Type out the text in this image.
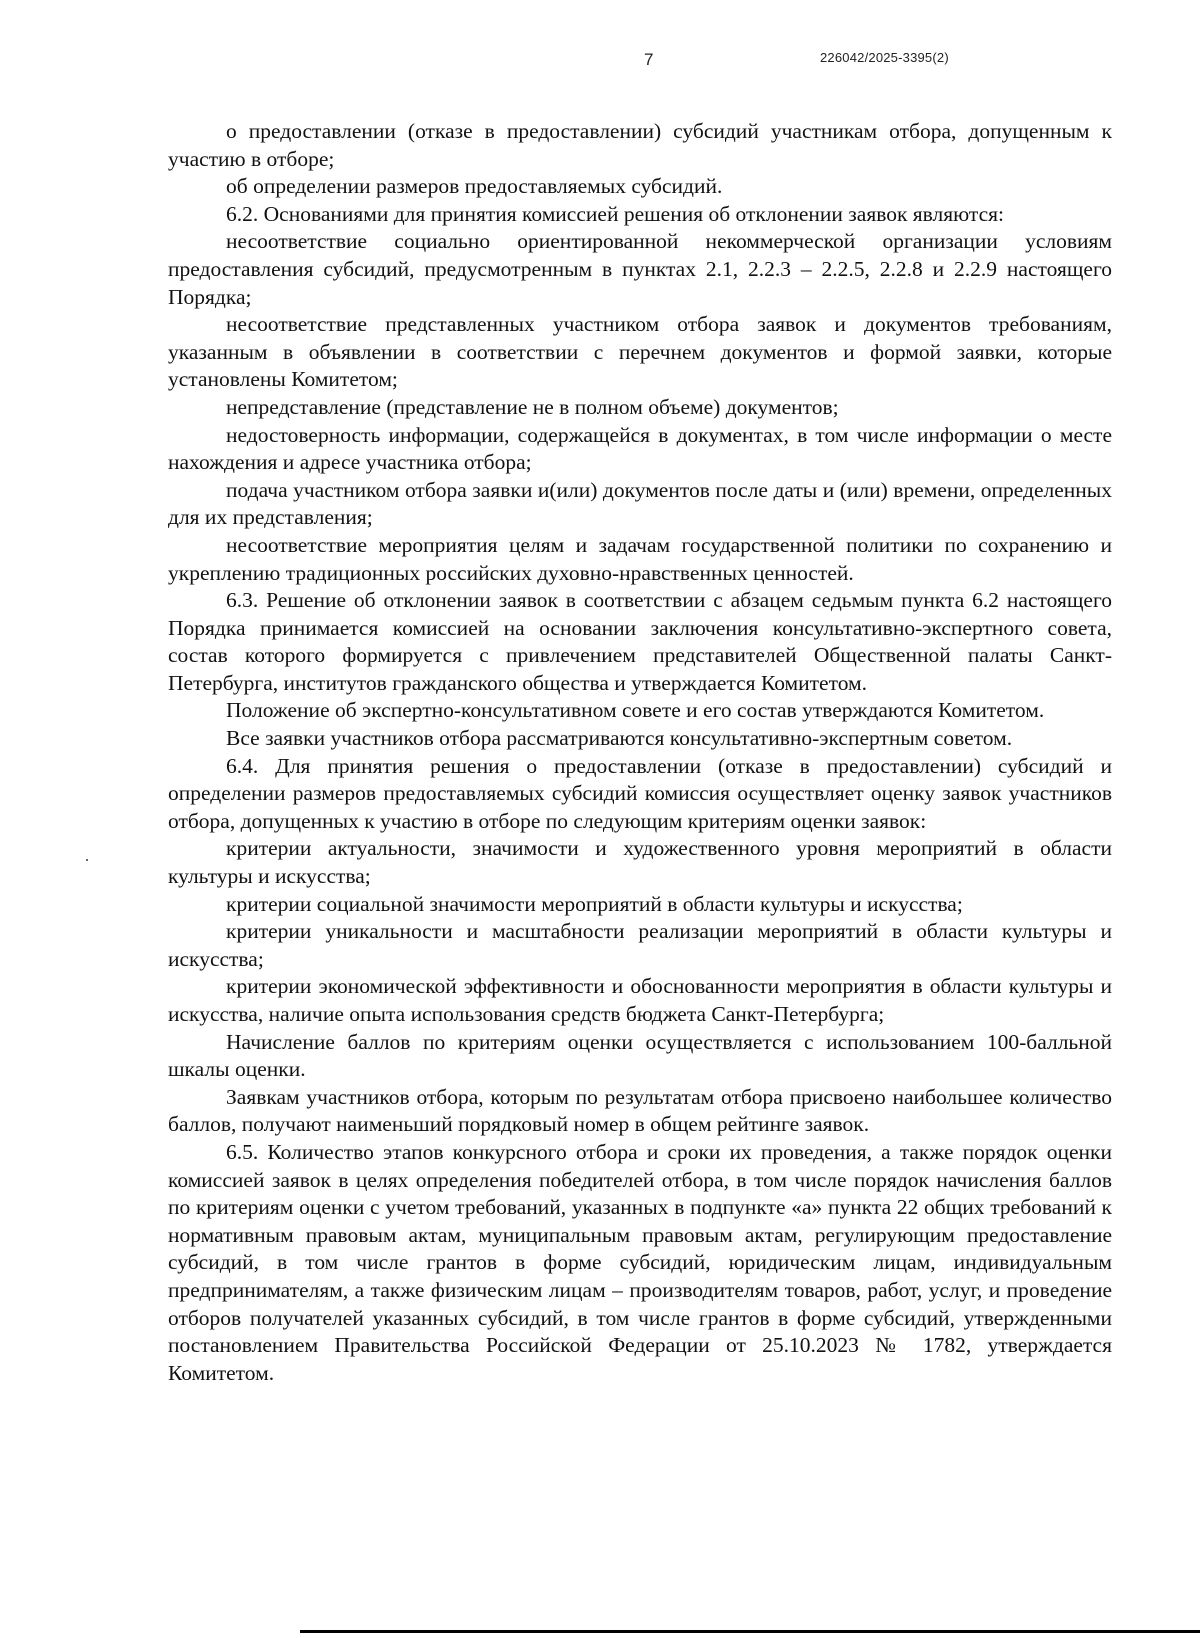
7	226042/2025-3395(2)

о предоставлении (отказе в предоставлении) субсидий участникам отбора, допущенным к участию в отборе;

об определении размеров предоставляемых субсидий.

6.2. Основаниями для принятия комиссией решения об отклонении заявок являются:

несоответствие социально ориентированной некоммерческой организации условиям предоставления субсидий, предусмотренным в пунктах 2.1, 2.2.3 – 2.2.5, 2.2.8 и 2.2.9 настоящего Порядка;

несоответствие представленных участником отбора заявок и документов требованиям, указанным в объявлении в соответствии с перечнем документов и формой заявки, которые установлены Комитетом;

непредставление (представление не в полном объеме) документов;

недостоверность информации, содержащейся в документах, в том числе информации о месте нахождения и адресе участника отбора;

подача участником отбора заявки и(или) документов после даты и (или) времени, определенных для их представления;

несоответствие мероприятия целям и задачам государственной политики по сохранению и укреплению традиционных российских духовно-нравственных ценностей.

6.3. Решение об отклонении заявок в соответствии с абзацем седьмым пункта 6.2 настоящего Порядка принимается комиссией на основании заключения консультативно-экспертного совета, состав которого формируется с привлечением представителей Общественной палаты Санкт-Петербурга, институтов гражданского общества и утверждается Комитетом.

Положение об экспертно-консультативном совете и его состав утверждаются Комитетом.

Все заявки участников отбора рассматриваются консультативно-экспертным советом.

6.4. Для принятия решения о предоставлении (отказе в предоставлении) субсидий и определении размеров предоставляемых субсидий комиссия осуществляет оценку заявок участников отбора, допущенных к участию в отборе по следующим критериям оценки заявок:

критерии актуальности, значимости и художественного уровня мероприятий в области культуры и искусства;

критерии социальной значимости мероприятий в области культуры и искусства;

критерии уникальности и масштабности реализации мероприятий в области культуры и искусства;

критерии экономической эффективности и обоснованности мероприятия в области культуры и искусства, наличие опыта использования средств бюджета Санкт-Петербурга;

Начисление баллов по критериям оценки осуществляется с использованием 100-балльной шкалы оценки.

Заявкам участников отбора, которым по результатам отбора присвоено наибольшее количество баллов, получают наименьший порядковый номер в общем рейтинге заявок.

6.5. Количество этапов конкурсного отбора и сроки их проведения, а также порядок оценки комиссией заявок в целях определения победителей отбора, в том числе порядок начисления баллов по критериям оценки с учетом требований, указанных в подпункте «а» пункта 22 общих требований к нормативным правовым актам, муниципальным правовым актам, регулирующим предоставление субсидий, в том числе грантов в форме субсидий, юридическим лицам, индивидуальным предпринимателям, а также физическим лицам – производителям товаров, работ, услуг, и проведение отборов получателей указанных субсидий, в том числе грантов в форме субсидий, утвержденными постановлением Правительства Российской Федерации от 25.10.2023 № 1782, утверждается Комитетом.
